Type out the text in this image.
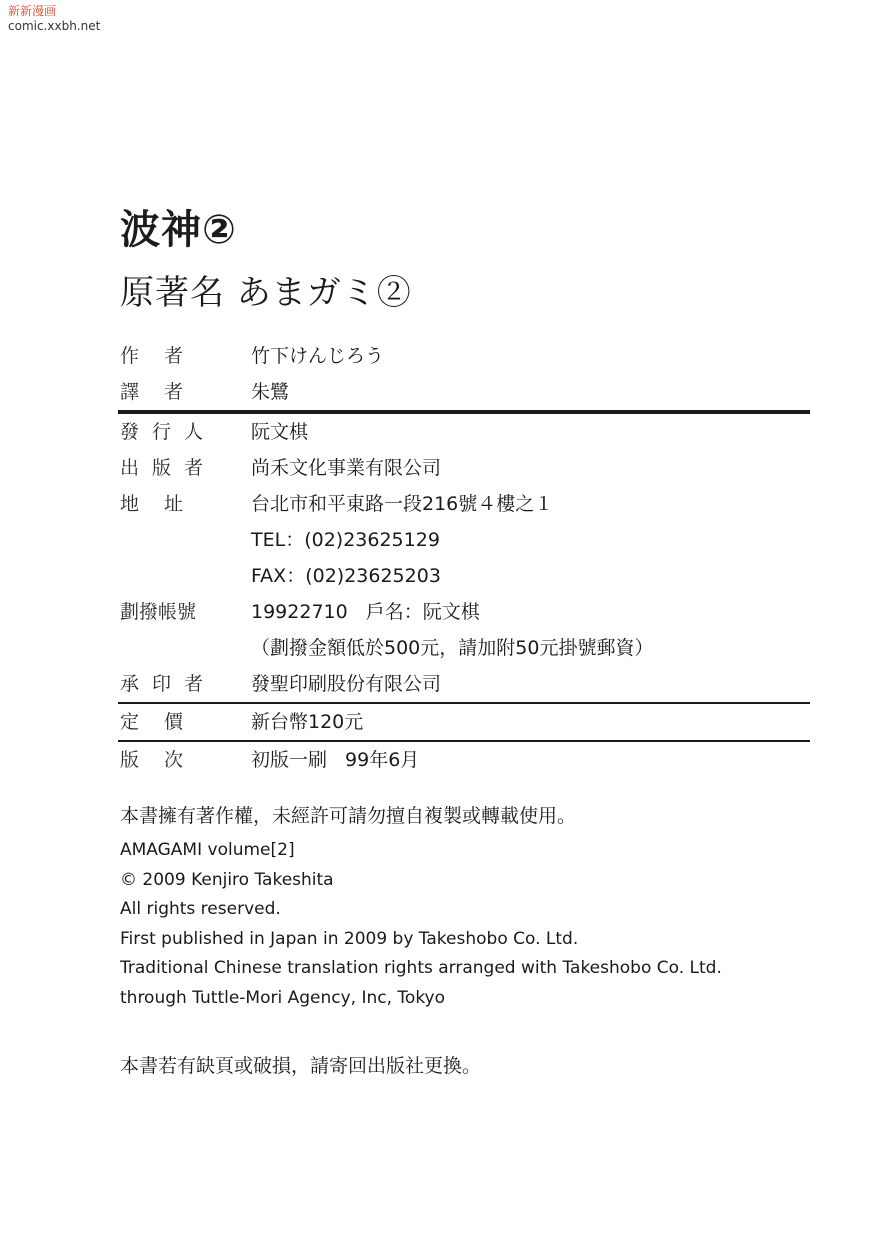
新新漫画
comic.xxbh.net
波神②
原著名 あまガミ②
作者	竹下けんじろう
譯者	朱鷺
發行人 阮文棋
出版者 尚禾文化事業有限公司
地址	台北市和平東路一段216號４樓之１
TEL：(02)23625129
FAX：(02)23625203
劃撥帳號	19922710 戶名：阮文棋
（劃撥金額低於500元，請加附50元掛號郵資）
承印者 發聖印刷股份有限公司
定價	新台幣120元
版次	初版一刷 99年6月
本書擁有著作權，未經許可請勿擅自複製或轉載使用。
AMAGAMI volume[2]
© 2009 Kenjiro Takeshita
All rights reserved.
First published in Japan in 2009 by Takeshobo Co. Ltd.
Traditional Chinese translation rights arranged with Takeshobo Co. Ltd.
through Tuttle-Mori Agency, Inc, Tokyo
本書若有缺頁或破損，請寄回出版社更換。
